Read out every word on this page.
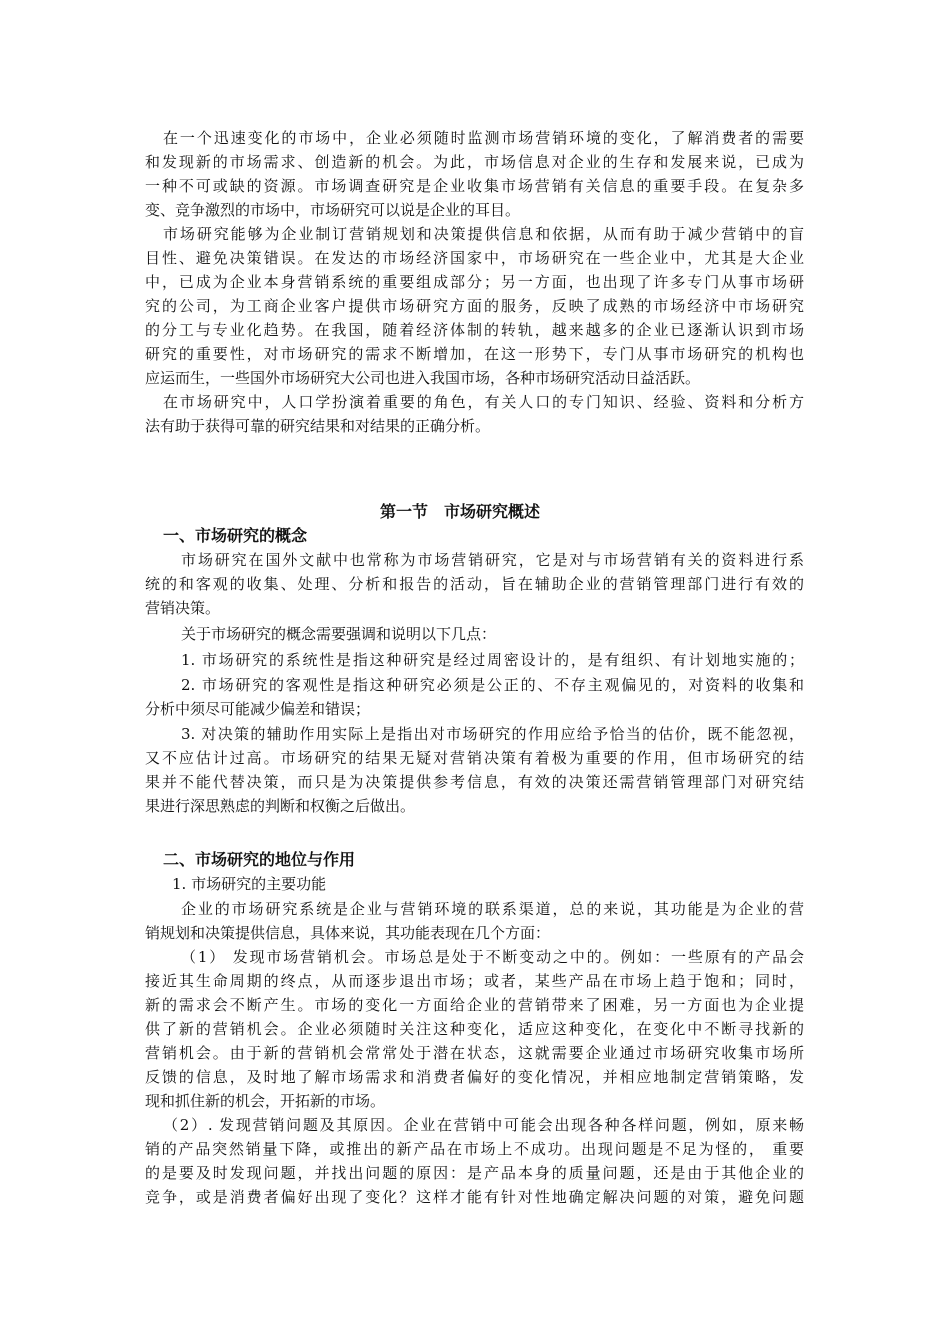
在一个迅速变化的市场中，企业必须随时监测市场营销环境的变化，了解消费者的需要
和发现新的市场需求、创造新的机会。为此，市场信息对企业的生存和发展来说，已成为
一种不可或缺的资源。市场调查研究是企业收集市场营销有关信息的重要手段。在复杂多
变、竞争激烈的市场中，市场研究可以说是企业的耳目。
市场研究能够为企业制订营销规划和决策提供信息和依据，从而有助于减少营销中的盲
目性、避免决策错误。在发达的市场经济国家中，市场研究在一些企业中，尤其是大企业
中，已成为企业本身营销系统的重要组成部分；另一方面，也出现了许多专门从事市场研
究的公司，为工商企业客户提供市场研究方面的服务，反映了成熟的市场经济中市场研究
的分工与专业化趋势。在我国，随着经济体制的转轨，越来越多的企业已逐渐认识到市场
研究的重要性，对市场研究的需求不断增加，在这一形势下，专门从事市场研究的机构也
应运而生，一些国外市场研究大公司也进入我国市场，各种市场研究活动日益活跃。
在市场研究中，人口学扮演着重要的角色，有关人口的专门知识、经验、资料和分析方
法有助于获得可靠的研究结果和对结果的正确分析。
第一节　市场研究概述
一、市场研究的概念
市场研究在国外文献中也常称为市场营销研究，它是对与市场营销有关的资料进行系
统的和客观的收集、处理、分析和报告的活动，旨在辅助企业的营销管理部门进行有效的
营销决策。
关于市场研究的概念需要强调和说明以下几点：
1. 市场研究的系统性是指这种研究是经过周密设计的，是有组织、有计划地实施的；
2. 市场研究的客观性是指这种研究必须是公正的、不存主观偏见的，对资料的收集和
分析中须尽可能减少偏差和错误；
3. 对决策的辅助作用实际上是指出对市场研究的作用应给予恰当的估价，既不能忽视，
又不应估计过高。市场研究的结果无疑对营销决策有着极为重要的作用，但市场研究的结
果并不能代替决策，而只是为决策提供参考信息，有效的决策还需营销管理部门对研究结
果进行深思熟虑的判断和权衡之后做出。
二、市场研究的地位与作用
1. 市场研究的主要功能
企业的市场研究系统是企业与营销环境的联系渠道，总的来说，其功能是为企业的营
销规划和决策提供信息，具体来说，其功能表现在几个方面：
（1） 发现市场营销机会。市场总是处于不断变动之中的。例如：一些原有的产品会
接近其生命周期的终点，从而逐步退出市场；或者，某些产品在市场上趋于饱和；同时，
新的需求会不断产生。市场的变化一方面给企业的营销带来了困难，另一方面也为企业提
供了新的营销机会。企业必须随时关注这种变化，适应这种变化，在变化中不断寻找新的
营销机会。由于新的营销机会常常处于潜在状态，这就需要企业通过市场研究收集市场所
反馈的信息，及时地了解市场需求和消费者偏好的变化情况，并相应地制定营销策略，发
现和抓住新的机会，开拓新的市场。
（2）. 发现营销问题及其原因。企业在营销中可能会出现各种各样问题，例如，原来畅
销的产品突然销量下降，或推出的新产品在市场上不成功。出现问题是不足为怪的， 重要
的是要及时发现问题，并找出问题的原因：是产品本身的质量问题，还是由于其他企业的
竞争，或是消费者偏好出现了变化？这样才能有针对性地确定解决问题的对策，避免问题
